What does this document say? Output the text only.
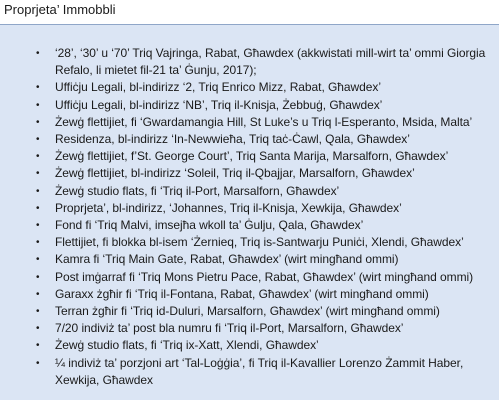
Proprjeta’ Immobbli
• ‘28’, ‘30’ u ‘70’ Triq Vajringa, Rabat, Għawdex (akkwistati mill-wirt ta’ ommi Giorgia Refalo, li mietet fil-21 ta’ Ġunju, 2017);
• Uffiċju Legali, bl-indirizz ‘2, Triq Enrico Mizz, Rabat, Għawdex’
• Uffiċju Legali, bl-indirizz ‘NB’, Triq il-Knisja, Żebbuġ, Għawdex’
• Żewġ flettijiet, fi ‘Gwardamangia Hill, St Luke’s u Triq l-Esperanto, Msida, Malta’
• Residenza, bl-indirizz ‘In-Newwieħa, Triq taċ-Ċawl, Qala, Għawdex’
• Żewġ flettijiet, f’St. George Court’, Triq Santa Marija, Marsalforn, Għawdex’
• Żewġ flettijiet, bl-indirizz ‘Soleil, Triq il-Qbajjar, Marsalforn, Għawdex’
• Żewġ studio flats, fi ‘Triq il-Port, Marsalforn, Għawdex’
• Proprjeta’, bl-indirizz, ‘Johannes, Triq il-Knisja, Xewkija, Għawdex’
• Fond fi ‘Triq Malvi, imsejħa wkoll ta’ Ġulju, Qala, Għawdex’
• Flettijiet, fi blokka bl-isem ‘Żernieq, Triq is-Santwarju Puniċi, Xlendi, Għawdex’
• Kamra fi ‘Triq Main Gate, Rabat, Għawdex’ (wirt mingħand ommi)
• Post imġarraf fi ‘Triq Mons Pietru Pace, Rabat, Għawdex’ (wirt mingħand ommi)
• Garaxx żgħir fi ‘Triq il-Fontana, Rabat, Għawdex’ (wirt mingħand ommi)
• Terran żgħir fi ‘Triq id-Duluri, Marsalforn, Għawdex’ (wirt mingħand ommi)
• 7/20 indiviż ta’ post bla numru fi ‘Triq il-Port, Marsalforn, Għawdex’
• Żewġ studio flats, fi ‘Triq ix-Xatt, Xlendi, Għawdex’
• ¼ indiviż ta’ porzjoni art ‘Tal-Loġġia’, fi Triq il-Kavallier Lorenzo Żammit Haber, Xewkija, Għawdex
